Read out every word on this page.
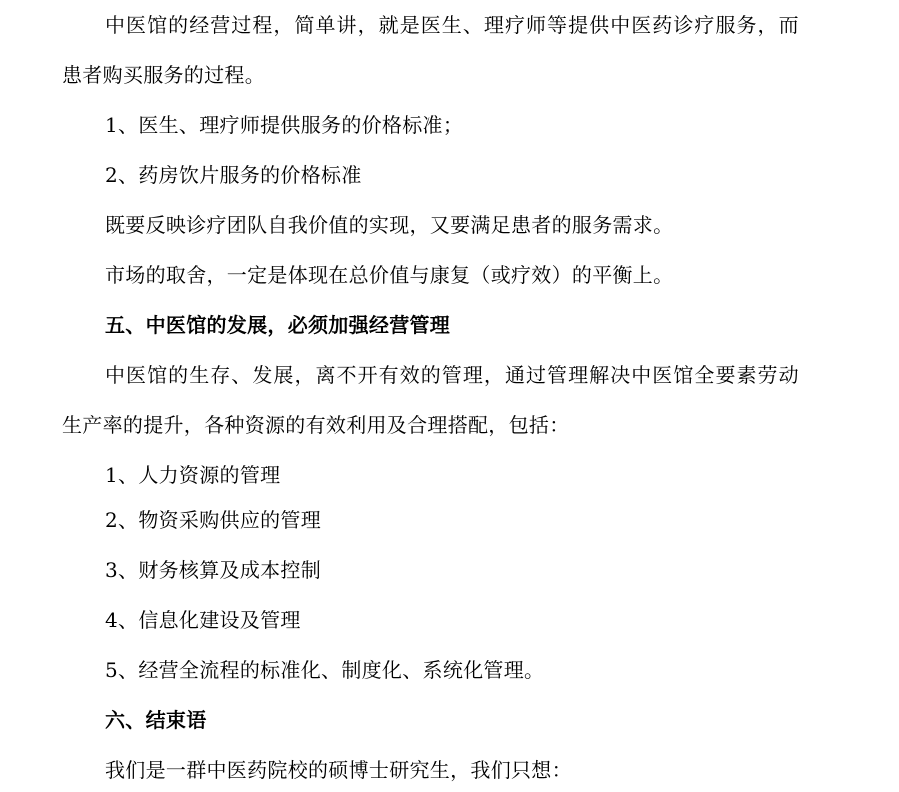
中医馆的经营过程，简单讲，就是医生、理疗师等提供中医药诊疗服务，而
患者购买服务的过程。
1、医生、理疗师提供服务的价格标准；
2、药房饮片服务的价格标准
既要反映诊疗团队自我价值的实现，又要满足患者的服务需求。
市场的取舍，一定是体现在总价值与康复（或疗效）的平衡上。
五、中医馆的发展，必须加强经营管理
中医馆的生存、发展，离不开有效的管理，通过管理解决中医馆全要素劳动
生产率的提升，各种资源的有效利用及合理搭配，包括：
1、人力资源的管理
2、物资采购供应的管理
3、财务核算及成本控制
4、信息化建设及管理
5、经营全流程的标准化、制度化、系统化管理。
六、结束语
我们是一群中医药院校的硕博士研究生，我们只想：
